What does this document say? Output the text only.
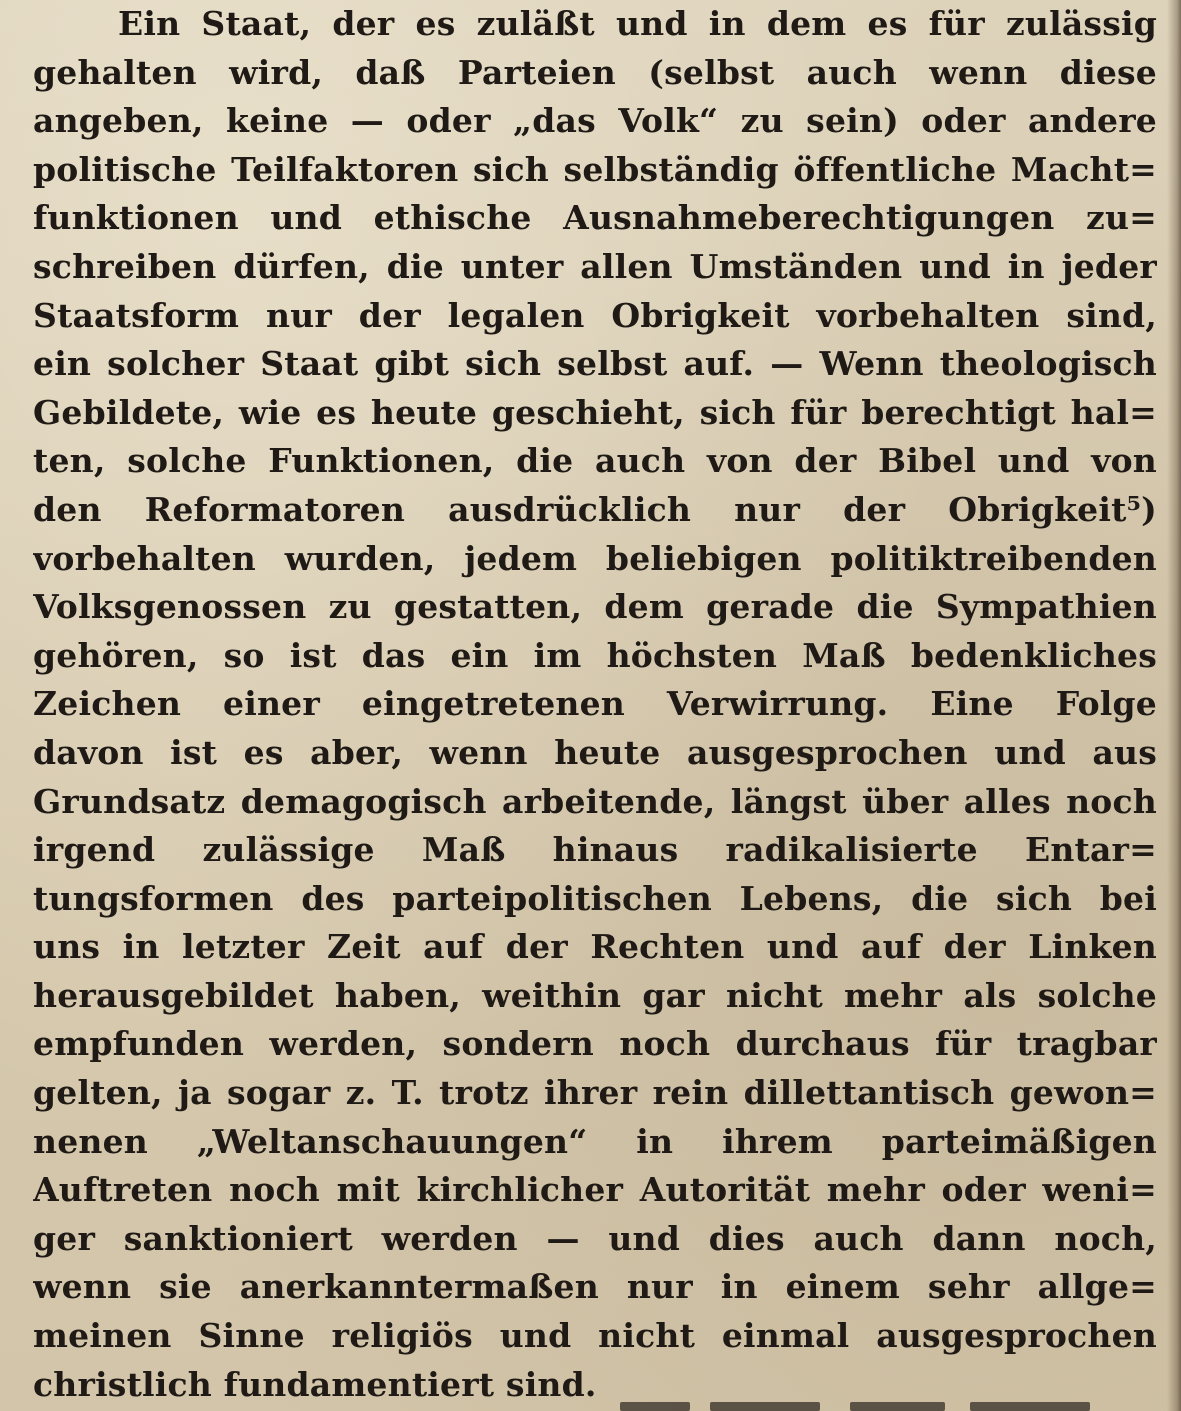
Ein Staat, der es zuläßt und in dem es für zulässig
gehalten wird, daß Parteien (selbst auch wenn diese
angeben, keine — oder „das Volk“ zu sein) oder andere
politische Teilfaktoren sich selbständig öffentliche Macht=
funktionen und ethische Ausnahmeberechtigungen zu=
schreiben dürfen, die unter allen Umständen und in jeder
Staatsform nur der legalen Obrigkeit vorbehalten sind,
ein solcher Staat gibt sich selbst auf. — Wenn theologisch
Gebildete, wie es heute geschieht, sich für berechtigt hal=
ten, solche Funktionen, die auch von der Bibel und von
den Reformatoren ausdrücklich nur der Obrigkeit⁵)
vorbehalten wurden, jedem beliebigen politiktreibenden
Volksgenossen zu gestatten, dem gerade die Sympathien
gehören, so ist das ein im höchsten Maß bedenkliches
Zeichen einer eingetretenen Verwirrung. Eine Folge
davon ist es aber, wenn heute ausgesprochen und aus
Grundsatz demagogisch arbeitende, längst über alles noch
irgend zulässige Maß hinaus radikalisierte Entar=
tungsformen des parteipolitischen Lebens, die sich bei
uns in letzter Zeit auf der Rechten und auf der Linken
herausgebildet haben, weithin gar nicht mehr als solche
empfunden werden, sondern noch durchaus für tragbar
gelten, ja sogar z. T. trotz ihrer rein dillettantisch gewon=
nenen „Weltanschauungen“ in ihrem parteimäßigen
Auftreten noch mit kirchlicher Autorität mehr oder weni=
ger sanktioniert werden — und dies auch dann noch,
wenn sie anerkanntermaßen nur in einem sehr allge=
meinen Sinne religiös und nicht einmal ausgesprochen
christlich fundamentiert sind.
